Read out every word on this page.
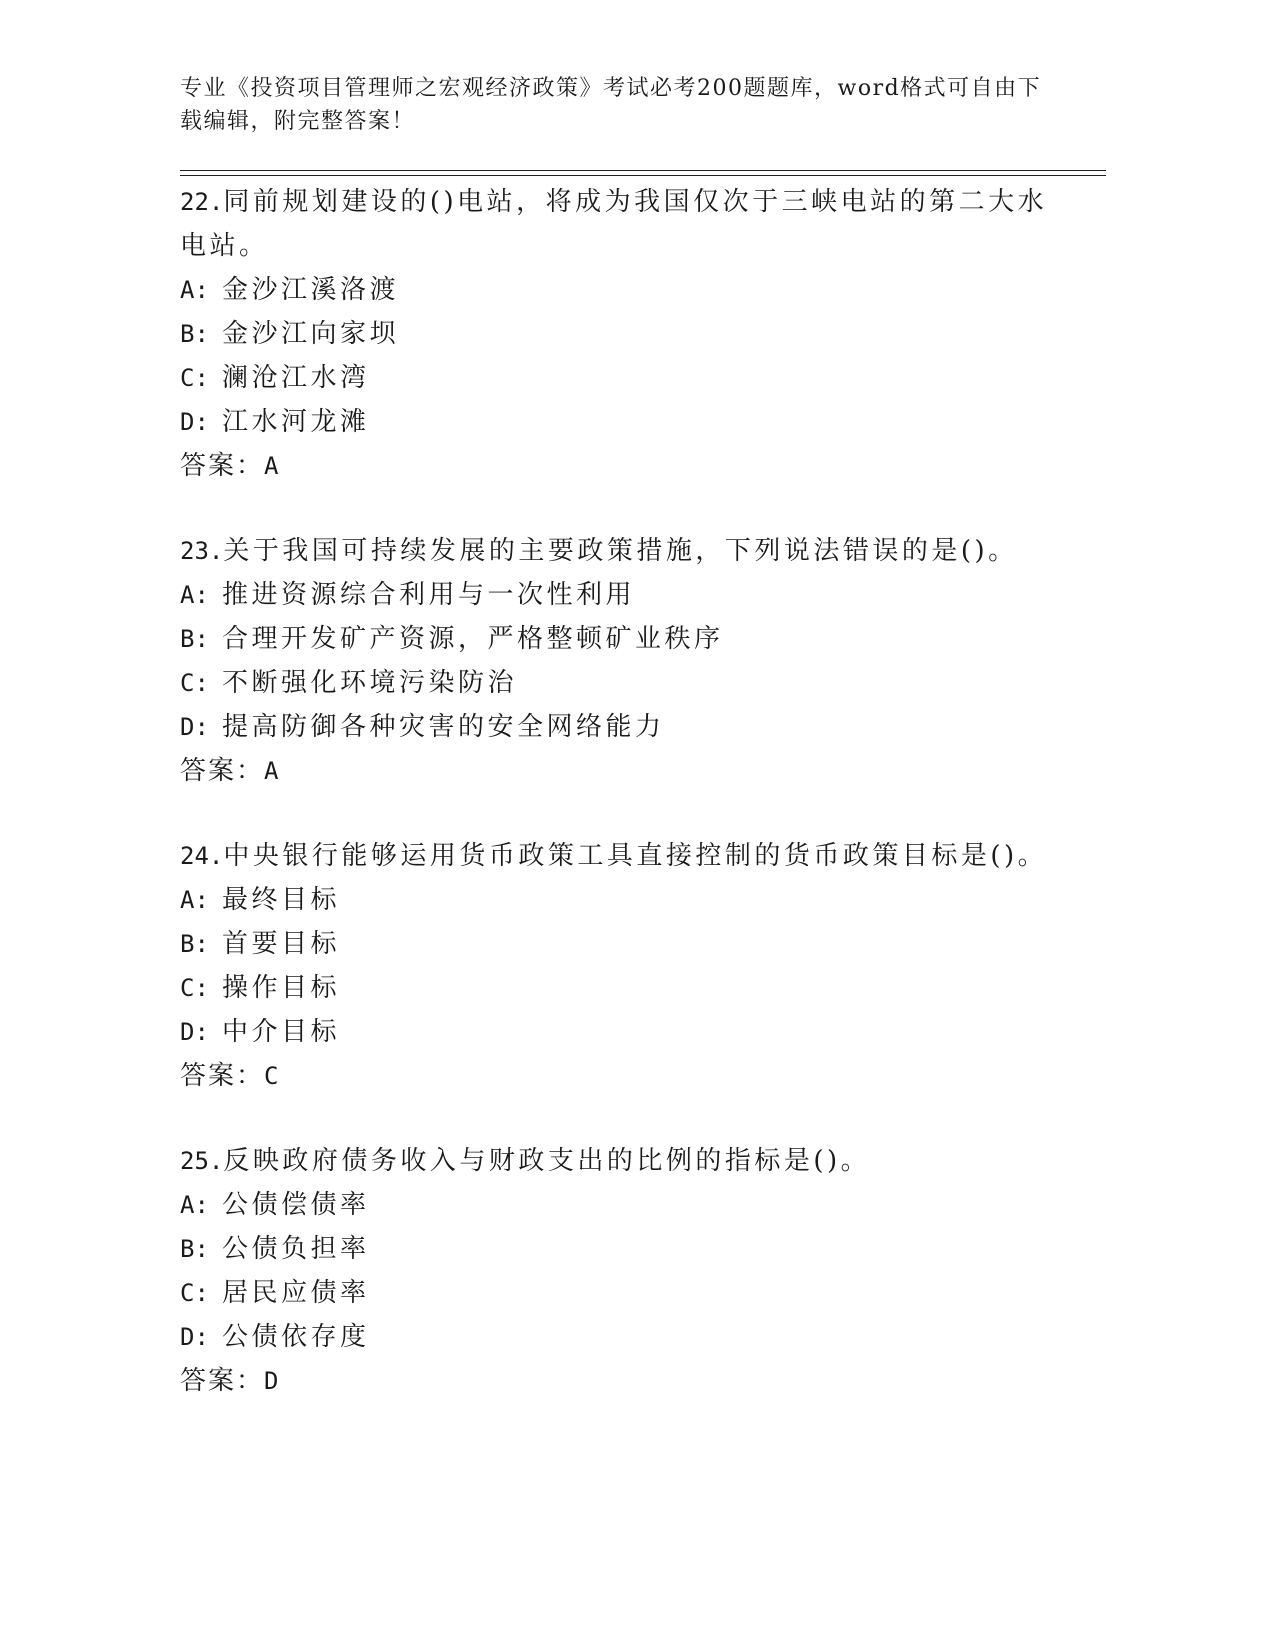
专业《投资项目管理师之宏观经济政策》考试必考200题题库，word格式可自由下载编辑，附完整答案！

22.同前规划建设的()电站，将成为我国仅次于三峡电站的第二大水电站。

A: 金沙江溪洛渡

B: 金沙江向家坝

C: 澜沧江水湾

D: 江水河龙滩

答案：A

23.关于我国可持续发展的主要政策措施，下列说法错误的是()。

A: 推进资源综合利用与一次性利用

B: 合理开发矿产资源，严格整顿矿业秩序

C: 不断强化环境污染防治

D: 提高防御各种灾害的安全网络能力

答案：A

24.中央银行能够运用货币政策工具直接控制的货币政策目标是()。

A: 最终目标

B: 首要目标

C: 操作目标

D: 中介目标

答案：C

25.反映政府债务收入与财政支出的比例的指标是()。

A: 公债偿债率

B: 公债负担率

C: 居民应债率

D: 公债依存度

答案：D
